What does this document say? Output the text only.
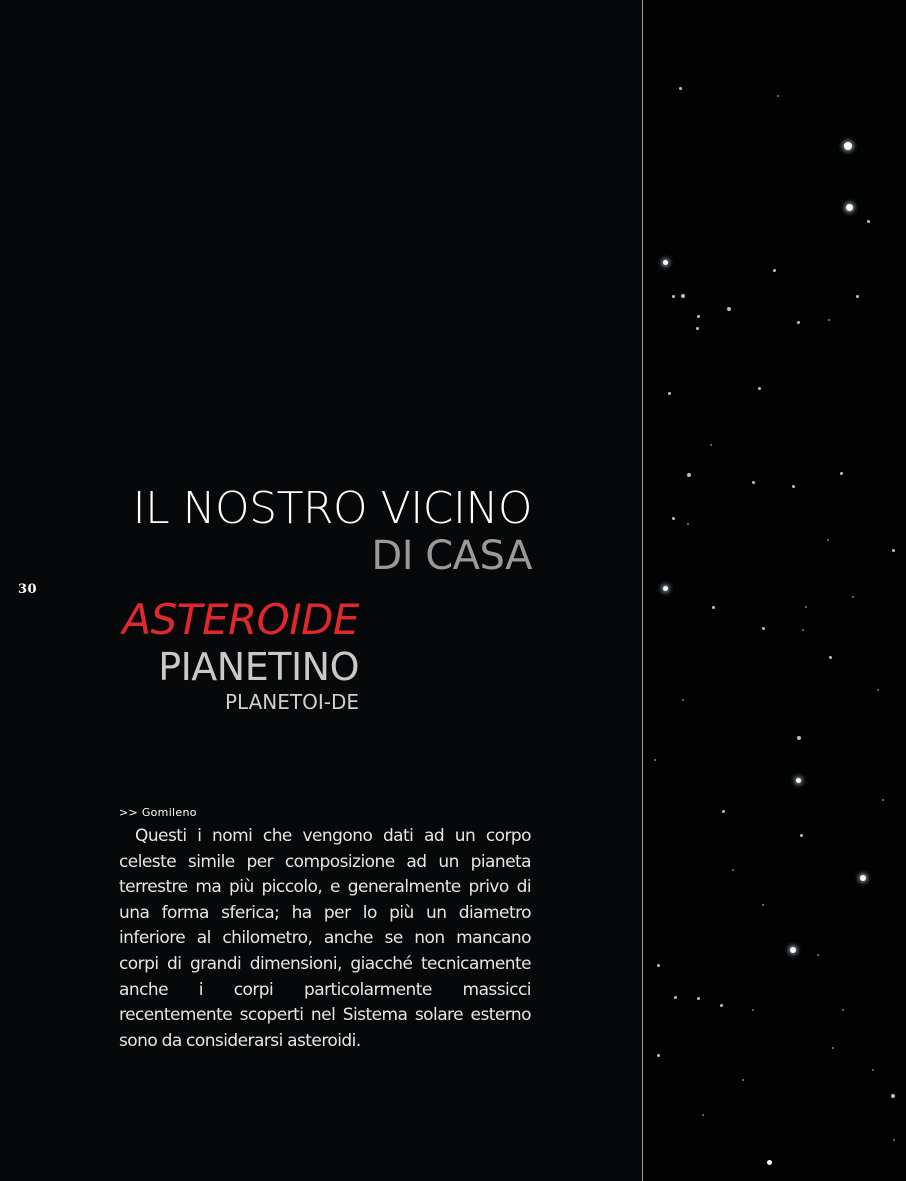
30
IL NOSTRO VICINO
DI CASA
ASTEROIDE
PIANETINO
PLANETOI-DE
>> Gomileno

Questi i nomi che vengono dati ad un corpo celeste simile per composizione ad un pianeta terrestre ma più piccolo, e generalmente privo di una forma sferica; ha per lo più un diametro inferiore al chilometro, anche se non mancano corpi di grandi dimensioni, giacché tecnicamente anche i corpi particolarmente massicci recentemente scoperti nel Sistema solare esterno sono da considerarsi asteroidi.
